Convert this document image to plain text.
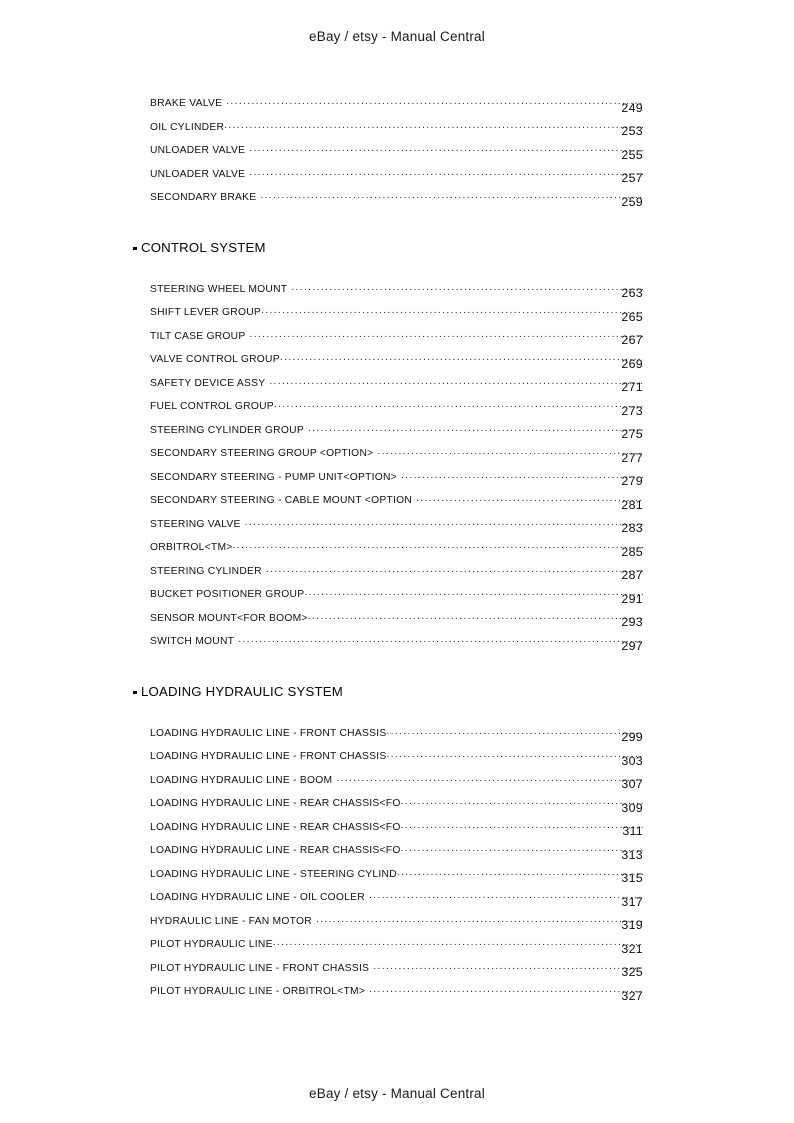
eBay / etsy - Manual Central
BRAKE VALVE .....	249
OIL CYLINDER .....	253
UNLOADER VALVE .....	255
UNLOADER VALVE .....	257
SECONDARY BRAKE .....	259
CONTROL SYSTEM
STEERING WHEEL MOUNT .....	263
SHIFT LEVER GROUP .....	265
TILT CASE GROUP .....	267
VALVE CONTROL GROUP .....	269
SAFETY DEVICE ASSY .....	271
FUEL CONTROL GROUP .....	273
STEERING CYLINDER GROUP .....	275
SECONDARY STEERING GROUP <OPTION> .....	277
SECONDARY STEERING - PUMP UNIT<OPTION> .....	279
SECONDARY STEERING - CABLE MOUNT <OPTION .....	281
STEERING VALVE .....	283
ORBITROL<TM> .....	285
STEERING CYLINDER .....	287
BUCKET POSITIONER GROUP .....	291
SENSOR MOUNT<FOR BOOM> .....	293
SWITCH MOUNT .....	297
LOADING HYDRAULIC SYSTEM
LOADING HYDRAULIC LINE - FRONT CHASSIS .....	299
LOADING HYDRAULIC LINE - FRONT CHASSIS .....	303
LOADING HYDRAULIC LINE - BOOM .....	307
LOADING HYDRAULIC LINE - REAR CHASSIS<FO .....	309
LOADING HYDRAULIC LINE - REAR CHASSIS<FO .....	311
LOADING HYDRAULIC LINE - REAR CHASSIS<FO .....	313
LOADING HYDRAULIC LINE - STEERING CYLIND .....	315
LOADING HYDRAULIC LINE - OIL COOLER .....	317
HYDRAULIC LINE - FAN MOTOR .....	319
PILOT HYDRAULIC LINE .....	321
PILOT HYDRAULIC LINE - FRONT CHASSIS .....	325
PILOT HYDRAULIC LINE - ORBITROL<TM> .....	327
eBay / etsy - Manual Central
